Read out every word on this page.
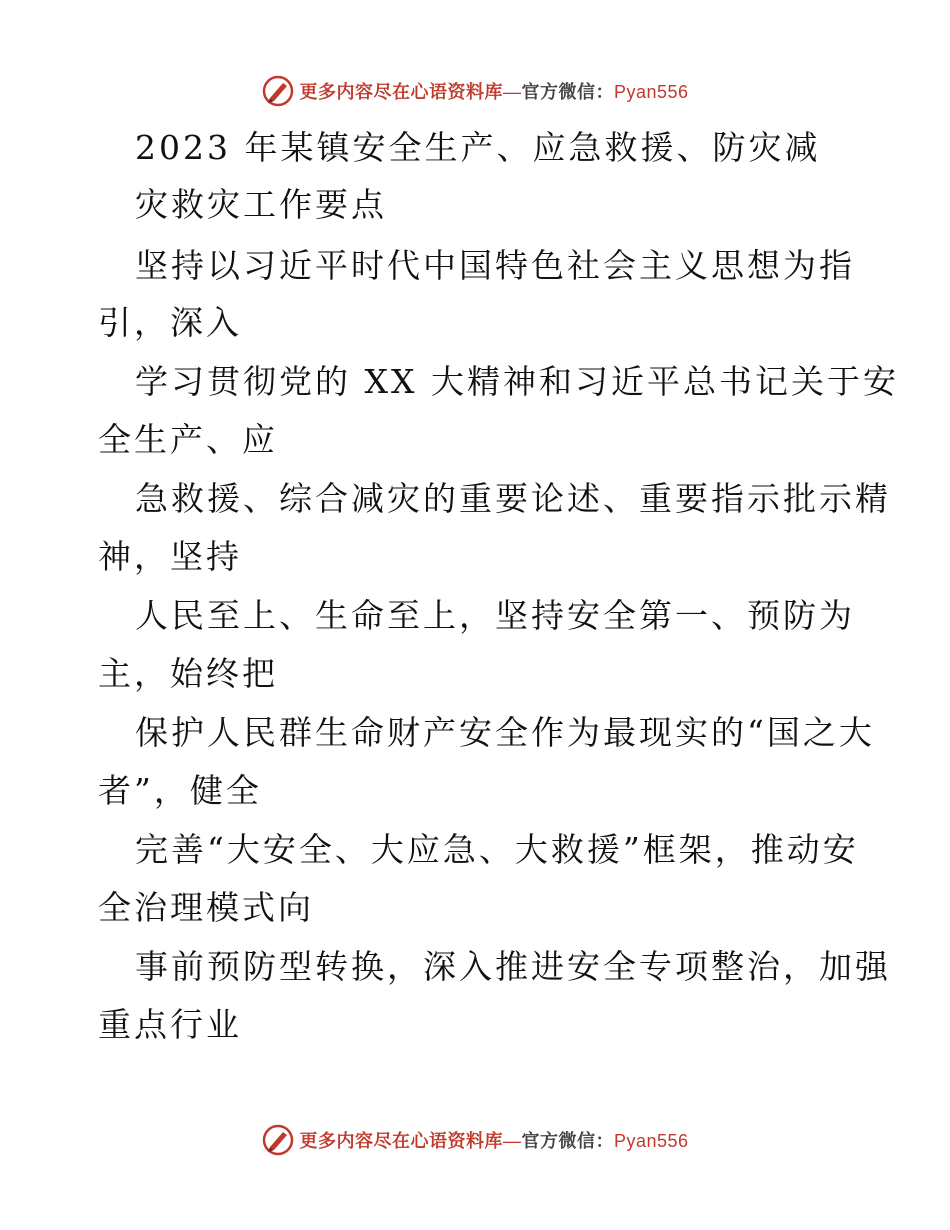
更多内容尽在心语资料库—官方微信：Pyan556
2023 年某镇安全生产、应急救援、防灾减
灾救灾工作要点
坚持以习近平时代中国特色社会主义思想为指
引，深入
学习贯彻党的 XX 大精神和习近平总书记关于安
全生产、应
急救援、综合减灾的重要论述、重要指示批示精
神，坚持
人民至上、生命至上，坚持安全第一、预防为
主，始终把
保护人民群生命财产安全作为最现实的“国之大
者”，健全
完善“大安全、大应急、大救援”框架，推动安
全治理模式向
事前预防型转换，深入推进安全专项整治，加强
重点行业
更多内容尽在心语资料库—官方微信：Pyan556
